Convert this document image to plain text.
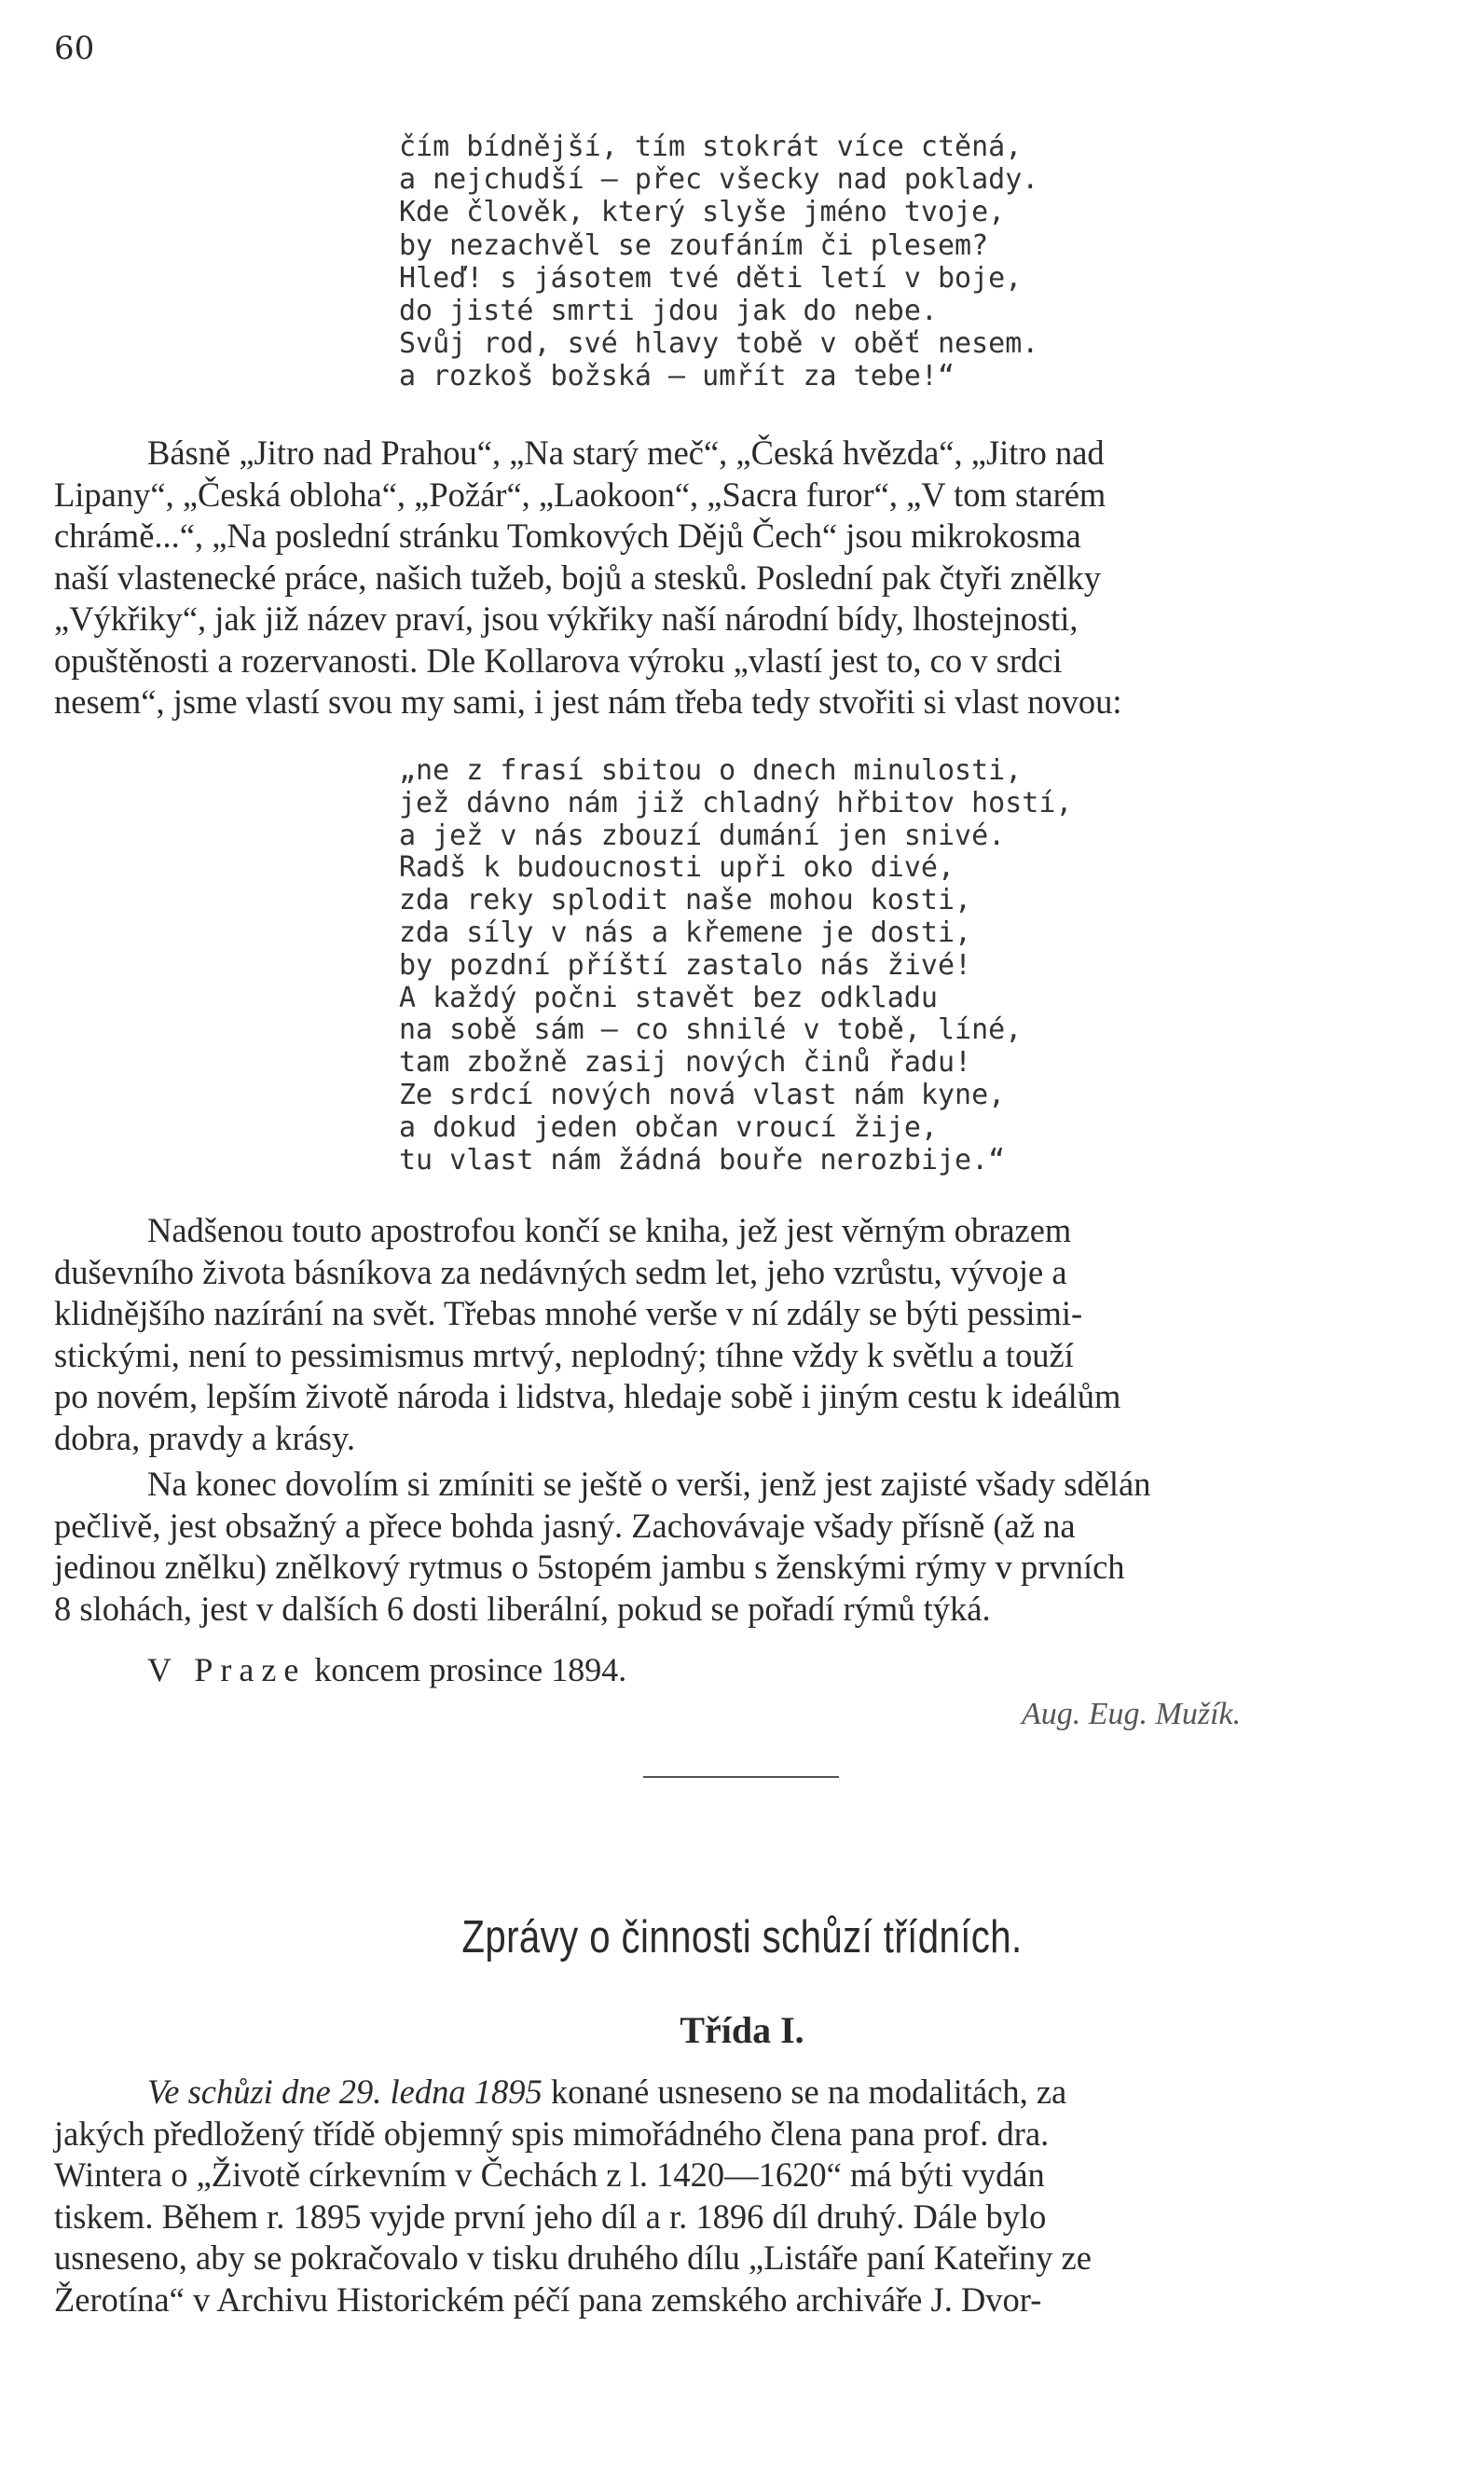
60
čím bídnější, tím stokrát více ctěná,
a nejchudší — přec všecky nad poklady.
Kde člověk, který slyše jméno tvoje,
by nezachvěl se zoufáním či plesem?
Hleď! s jásotem tvé děti letí v boje,
do jisté smrti jdou jak do nebe.
Svůj rod, své hlavy tobě v oběť nesem.
a rozkoš božská — umřít za tebe!“
Básně „Jitro nad Prahou“, „Na starý meč“, „Česká hvězda“, „Jitro nad
Lipany“, „Česká obloha“, „Požár“, „Laokoon“, „Sacra furor“, „V tom starém
chrámě...“, „Na poslední stránku Tomkových Dějů Čech“ jsou mikrokosma
naší vlastenecké práce, našich tužeb, bojů a stesků. Poslední pak čtyři znělky
„Výkřiky“, jak již název praví, jsou výkřiky naší národní bídy, lhostejnosti,
opuštěnosti a rozervanosti. Dle Kollarova výroku „vlastí jest to, co v srdci
nesem“, jsme vlastí svou my sami, i jest nám třeba tedy stvořiti si vlast novou:
„ne z frasí sbitou o dnech minulosti,
jež dávno nám již chladný hřbitov hostí,
a jež v nás zbouzí dumání jen snivé.
Radš k budoucnosti upři oko divé,
zda reky splodit naše mohou kosti,
zda síly v nás a křemene je dosti,
by pozdní příští zastalo nás živé!
A každý počni stavět bez odkladu
na sobě sám — co shnilé v tobě, líné,
tam zbožně zasij nových činů řadu!
Ze srdcí nových nová vlast nám kyne,
a dokud jeden občan vroucí žije,
tu vlast nám žádná bouře nerozbije.“
Nadšenou touto apostrofou končí se kniha, jež jest věrným obrazem
duševního života básníkova za nedávných sedm let, jeho vzrůstu, vývoje a
klidnějšího nazírání na svět. Třebas mnohé verše v ní zdály se býti pessimi-
stickými, není to pessimismus mrtvý, neplodný; tíhne vždy k světlu a touží
po novém, lepším životě národa i lidstva, hledaje sobě i jiným cestu k ideálům
dobra, pravdy a krásy.
Na konec dovolím si zmíniti se ještě o verši, jenž jest zajisté všady sdělán
pečlivě, jest obsažný a přece bohda jasný. Zachovávaje všady přísně (až na
jedinou znělku) znělkový rytmus o 5stopém jambu s ženskými rýmy v prvních
8 slohách, jest v dalších 6 dosti liberální, pokud se pořadí rýmů týká.
V Praze koncem prosince 1894.
Aug. Eug. Mužík.
Zprávy o činnosti schůzí třídních.
Třída I.
Ve schůzi dne 29. ledna 1895 konané usneseno se na modalitách, za
jakých předložený třídě objemný spis mimořádného člena pana prof. dra.
Wintera o „Životě církevním v Čechách z l. 1420—1620“ má býti vydán
tiskem. Během r. 1895 vyjde první jeho díl a r. 1896 díl druhý. Dále bylo
usneseno, aby se pokračovalo v tisku druhého dílu „Listáře paní Kateřiny ze
Žerotína“ v Archivu Historickém péčí pana zemského archiváře J. Dvor-
